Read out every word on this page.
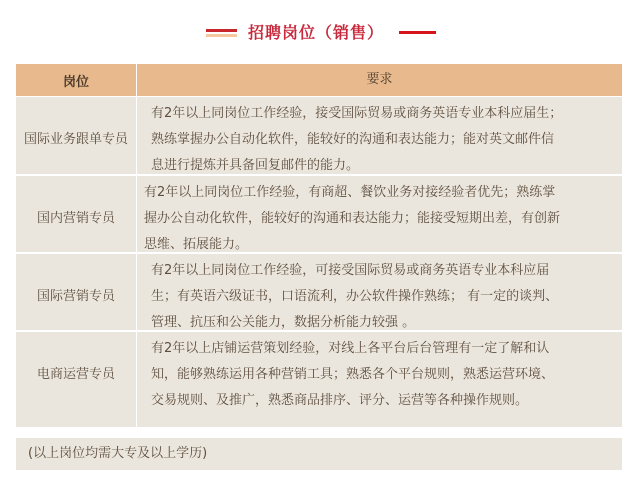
招聘岗位（销售）
岗位	要求
国际业务跟单专员
有2年以上同岗位工作经验，接受国际贸易或商务英语专业本科应届生；
熟练掌握办公自动化软件，能较好的沟通和表达能力；能对英文邮件信
息进行提炼并具备回复邮件的能力。
国内营销专员
有2年以上同岗位工作经验，有商超、餐饮业务对接经验者优先；熟练掌
握办公自动化软件，能较好的沟通和表达能力；能接受短期出差，有创新
思维、拓展能力。
国际营销专员
有2年以上同岗位工作经验，可接受国际贸易或商务英语专业本科应届
生；有英语六级证书，口语流利，办公软件操作熟练； 有一定的谈判、
管理、抗压和公关能力，数据分析能力较强 。
电商运营专员
有2年以上店铺运营策划经验，对线上各平台后台管理有一定了解和认
知，能够熟练运用各种营销工具；熟悉各个平台规则，熟悉运营环境、
交易规则、及推广，熟悉商品排序、评分、运营等各种操作规则。
(以上岗位均需大专及以上学历)
